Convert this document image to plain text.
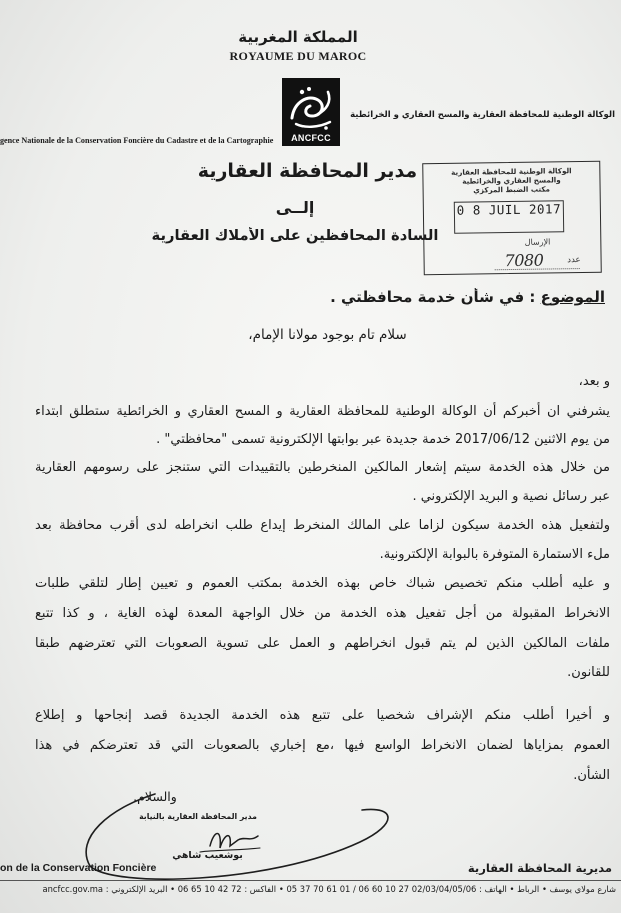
المملكة المغربية
ROYAUME DU MAROC
ANCFCC
gence Nationale de la Conservation Foncière du Cadastre et de la Cartographie
الوكالة الوطنية للمحافظة العقارية والمسح العقاري و الخرائطية
مدير المحافظة العقارية
إلــى
السادة المحافظين على الأملاك العقارية
الوكالة الوطنية للمحافظة العقارية
والمسح العقاري والخرائطية
مكتب الضبط المركزي
0 8 JUIL 2017
الإرسال
7080	عدد
الموضوع : في شأن خدمة محافظتي .
سلام تام بوجود مولانا الإمام،
و بعد،
يشرفني ان أخبركم أن الوكالة الوطنية للمحافظة العقارية و المسح العقاري و الخرائطية ستطلق ابتداء
من يوم الاثنين 2017/06/12 خدمة جديدة عبر بوابتها الإلكترونية تسمى "محافظتي" .
من خلال هذه الخدمة سيتم إشعار المالكين المنخرطين بالتقييدات التي ستنجز على رسومهم العقارية
عبر رسائل نصية و البريد الإلكتروني .
ولتفعيل هذه الخدمة سيكون لزاما على المالك المنخرط إيداع طلب انخراطه لدى أقرب محافظة بعد
ملء الاستمارة المتوفرة بالبوابة الإلكترونية.
و عليه أطلب منكم تخصيص شباك خاص بهذه الخدمة بمكتب العموم و تعيين إطار لتلقي طلبات
الانخراط المقبولة من أجل تفعيل هذه الخدمة من خلال الواجهة المعدة لهذه الغاية ، و كذا تتبع
ملفات المالكين الذين لم يتم قبول انخراطهم و العمل على تسوية الصعوبات التي تعترضهم طبقا
للقانون.
و أخيرا أطلب منكم الإشراف شخصيا على تتبع هذه الخدمة الجديدة قصد إنجاحها و إطلاع
العموم بمزاياها لضمان الانخراط الواسع فيها ،مع إخباري بالصعوبات التي قد تعترضكم في هذا
الشأن.
والسلام.
مدير المحافظة العقارية بالنيابة
بوشعيب شاهي
on de la Conservation Foncière	مديرية المحافظة العقارية
شارع مولاي يوسف • الرباط • الهاتف : 05 37 70 61 01 / 06 60 10 27 02/03/04/05/06 • الفاكس : 06 65 10 42 72 • البريد الإلكتروني : ancfcc.gov.ma
